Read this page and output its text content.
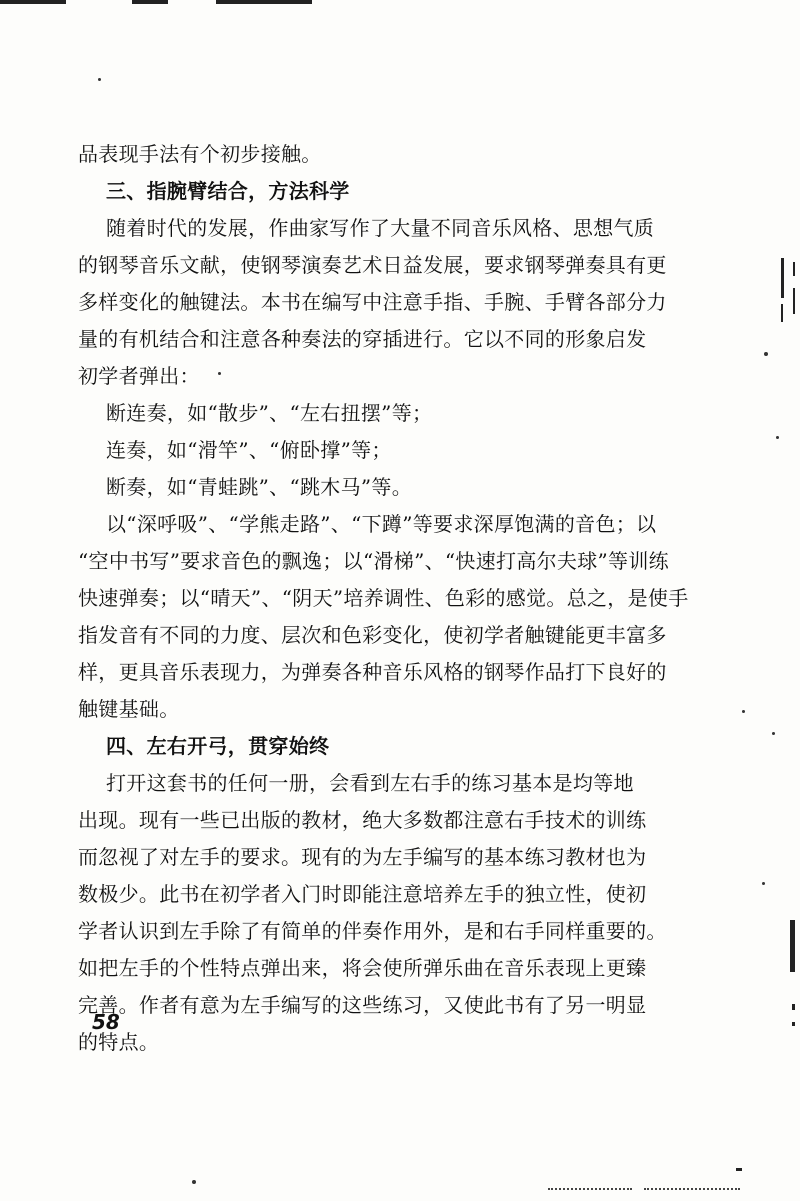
品表现手法有个初步接触。
三、指腕臂结合，方法科学
随着时代的发展，作曲家写作了大量不同音乐风格、思想气质
的钢琴音乐文献，使钢琴演奏艺术日益发展，要求钢琴弹奏具有更
多样变化的触键法。本书在编写中注意手指、手腕、手臂各部分力
量的有机结合和注意各种奏法的穿插进行。它以不同的形象启发
初学者弹出：
断连奏，如“散步”、“左右扭摆”等；
连奏，如“滑竿”、“俯卧撑”等；
断奏，如“青蛙跳”、“跳木马”等。
以“深呼吸”、“学熊走路”、“下蹲”等要求深厚饱满的音色；以
“空中书写”要求音色的飘逸；以“滑梯”、“快速打高尔夫球”等训练
快速弹奏；以“晴天”、“阴天”培养调性、色彩的感觉。总之，是使手
指发音有不同的力度、层次和色彩变化，使初学者触键能更丰富多
样，更具音乐表现力，为弹奏各种音乐风格的钢琴作品打下良好的
触键基础。
四、左右开弓，贯穿始终
打开这套书的任何一册，会看到左右手的练习基本是均等地
出现。现有一些已出版的教材，绝大多数都注意右手技术的训练
而忽视了对左手的要求。现有的为左手编写的基本练习教材也为
数极少。此书在初学者入门时即能注意培养左手的独立性，使初
学者认识到左手除了有简单的伴奏作用外，是和右手同样重要的。
如把左手的个性特点弹出来，将会使所弹乐曲在音乐表现上更臻
完善。作者有意为左手编写的这些练习，又使此书有了另一明显
的特点。
58
